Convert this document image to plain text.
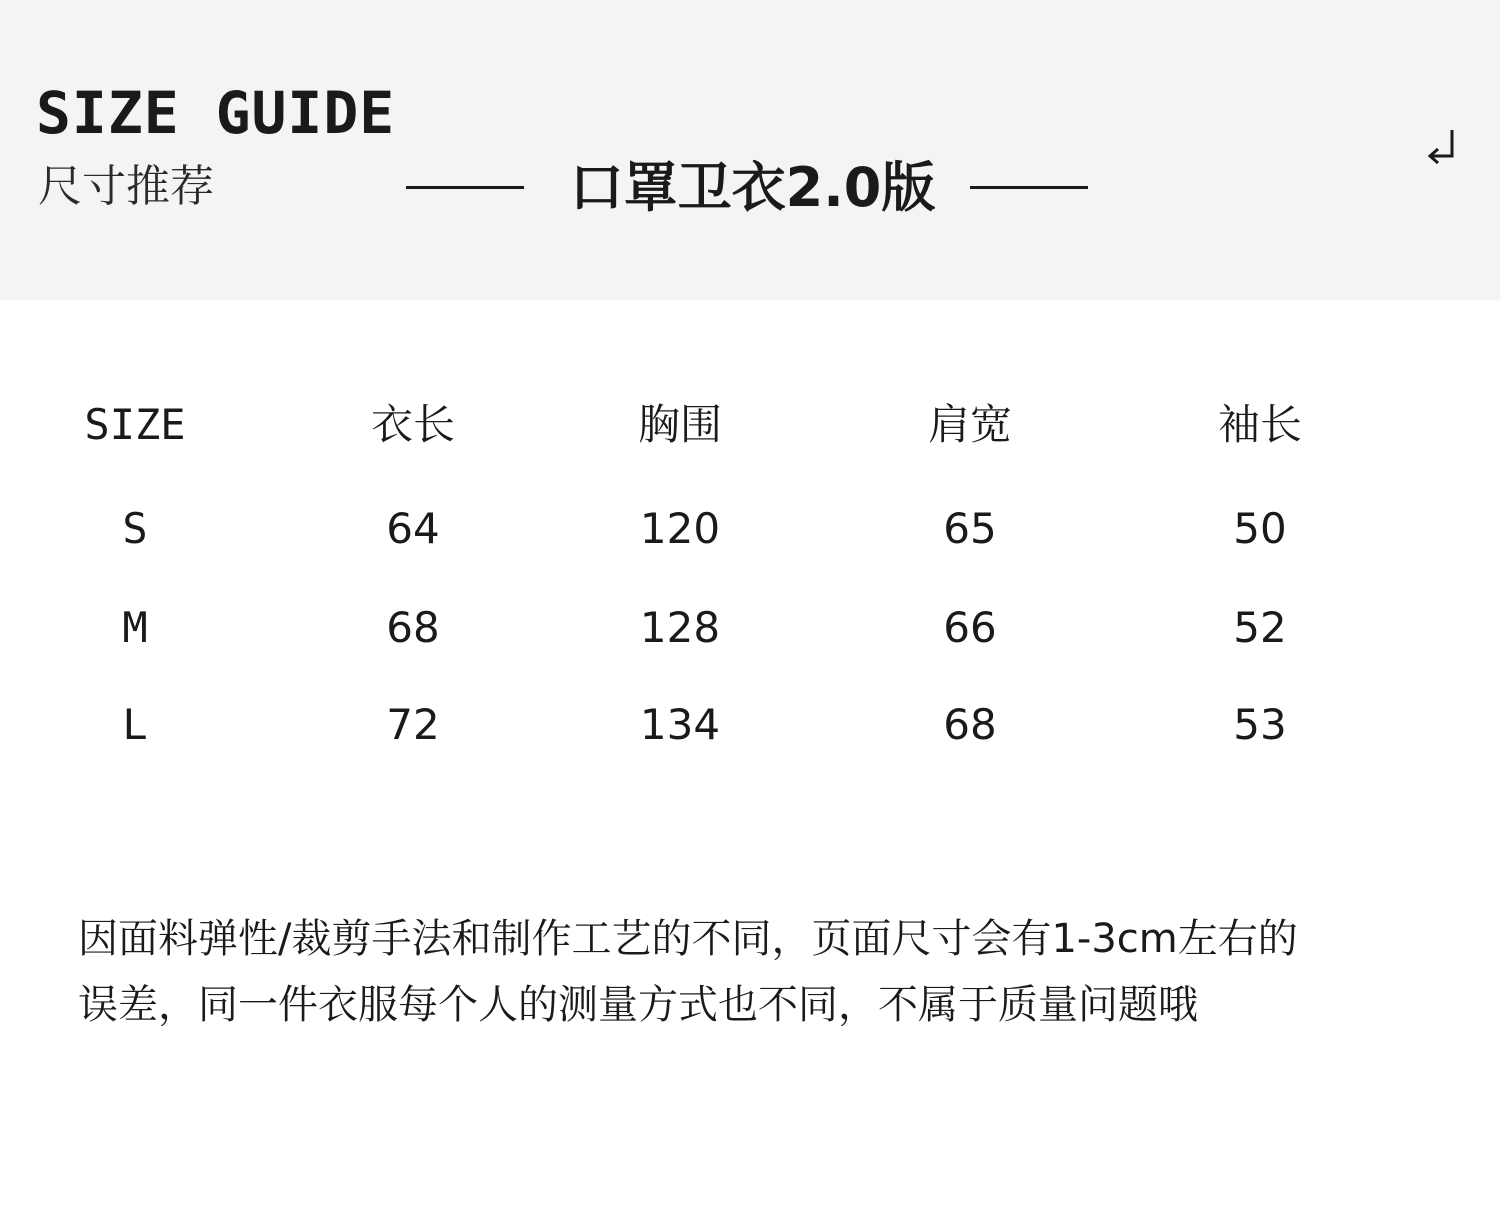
SIZE GUIDE
尺寸推荐	口罩卫衣2.0版
SIZE	衣长	胸围	肩宽	袖长
S	64	120	65	50
M	68	128	66	52
L	72	134	68	53
因面料弹性/裁剪手法和制作工艺的不同，页面尺寸会有1-3cm左右的
误差，同一件衣服每个人的测量方式也不同，不属于质量问题哦
